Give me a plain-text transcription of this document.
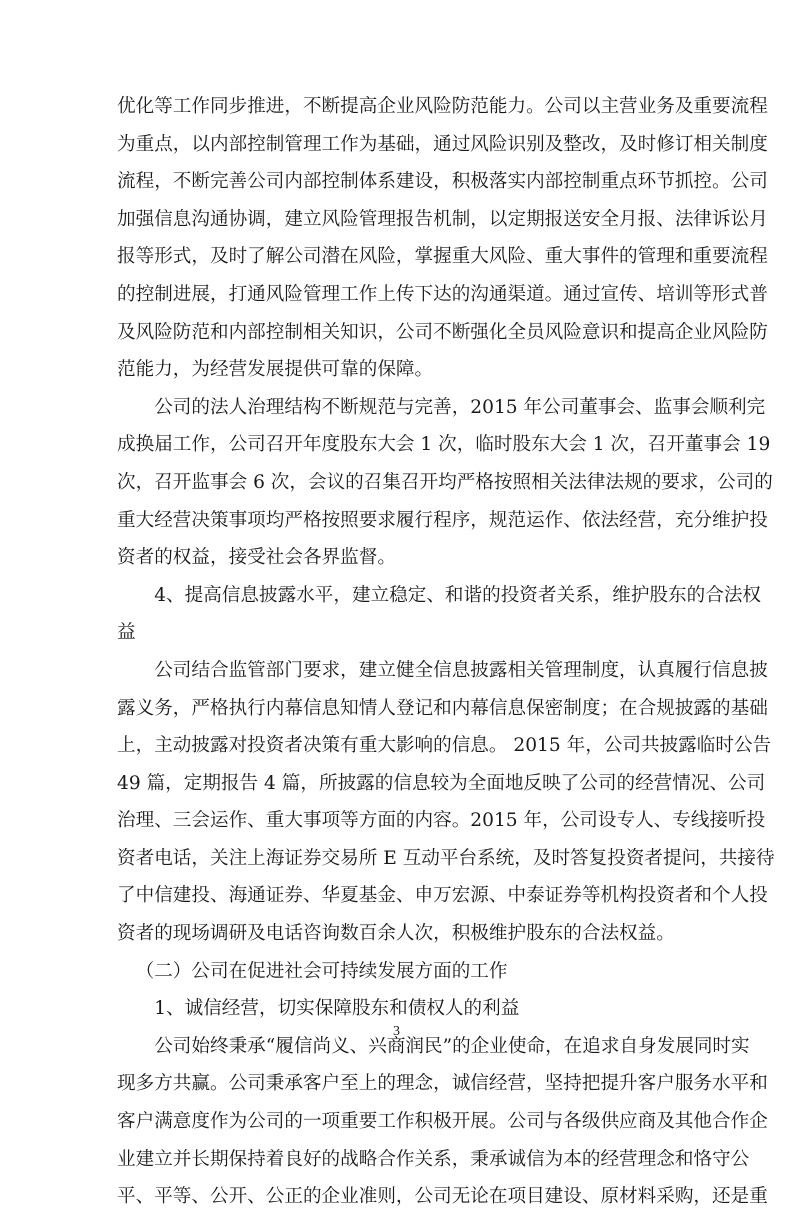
优化等工作同步推进，不断提高企业风险防范能力。公司以主营业务及重要流程
为重点，以内部控制管理工作为基础，通过风险识别及整改，及时修订相关制度
流程，不断完善公司内部控制体系建设，积极落实内部控制重点环节抓控。公司
加强信息沟通协调，建立风险管理报告机制，以定期报送安全月报、法律诉讼月
报等形式，及时了解公司潜在风险，掌握重大风险、重大事件的管理和重要流程
的控制进展，打通风险管理工作上传下达的沟通渠道。通过宣传、培训等形式普
及风险防范和内部控制相关知识，公司不断强化全员风险意识和提高企业风险防
范能力，为经营发展提供可靠的保障。

公司的法人治理结构不断规范与完善，2015 年公司董事会、监事会顺利完
成换届工作，公司召开年度股东大会 1 次，临时股东大会 1 次，召开董事会 19
次，召开监事会 6 次，会议的召集召开均严格按照相关法律法规的要求，公司的
重大经营决策事项均严格按照要求履行程序，规范运作、依法经营，充分维护投
资者的权益，接受社会各界监督。

4、提高信息披露水平，建立稳定、和谐的投资者关系，维护股东的合法权
益

公司结合监管部门要求，建立健全信息披露相关管理制度，认真履行信息披
露义务，严格执行内幕信息知情人登记和内幕信息保密制度；在合规披露的基础
上，主动披露对投资者决策有重大影响的信息。 2015 年，公司共披露临时公告
49 篇，定期报告 4 篇，所披露的信息较为全面地反映了公司的经营情况、公司
治理、三会运作、重大事项等方面的内容。2015 年，公司设专人、专线接听投
资者电话，关注上海证券交易所 E 互动平台系统，及时答复投资者提问，共接待
了中信建投、海通证券、华夏基金、申万宏源、中泰证券等机构投资者和个人投
资者的现场调研及电话咨询数百余人次，积极维护股东的合法权益。

（二）公司在促进社会可持续发展方面的工作

1、诚信经营，切实保障股东和债权人的利益

公司始终秉承“履信尚义、兴商润民”的企业使命，在追求自身发展同时实
现多方共赢。公司秉承客户至上的理念，诚信经营，坚持把提升客户服务水平和
客户满意度作为公司的一项重要工作积极开展。公司与各级供应商及其他合作企
业建立并长期保持着良好的战略合作关系，秉承诚信为本的经营理念和恪守公
平、平等、公开、公正的企业准则，公司无论在项目建设、原材料采购，还是重

3
